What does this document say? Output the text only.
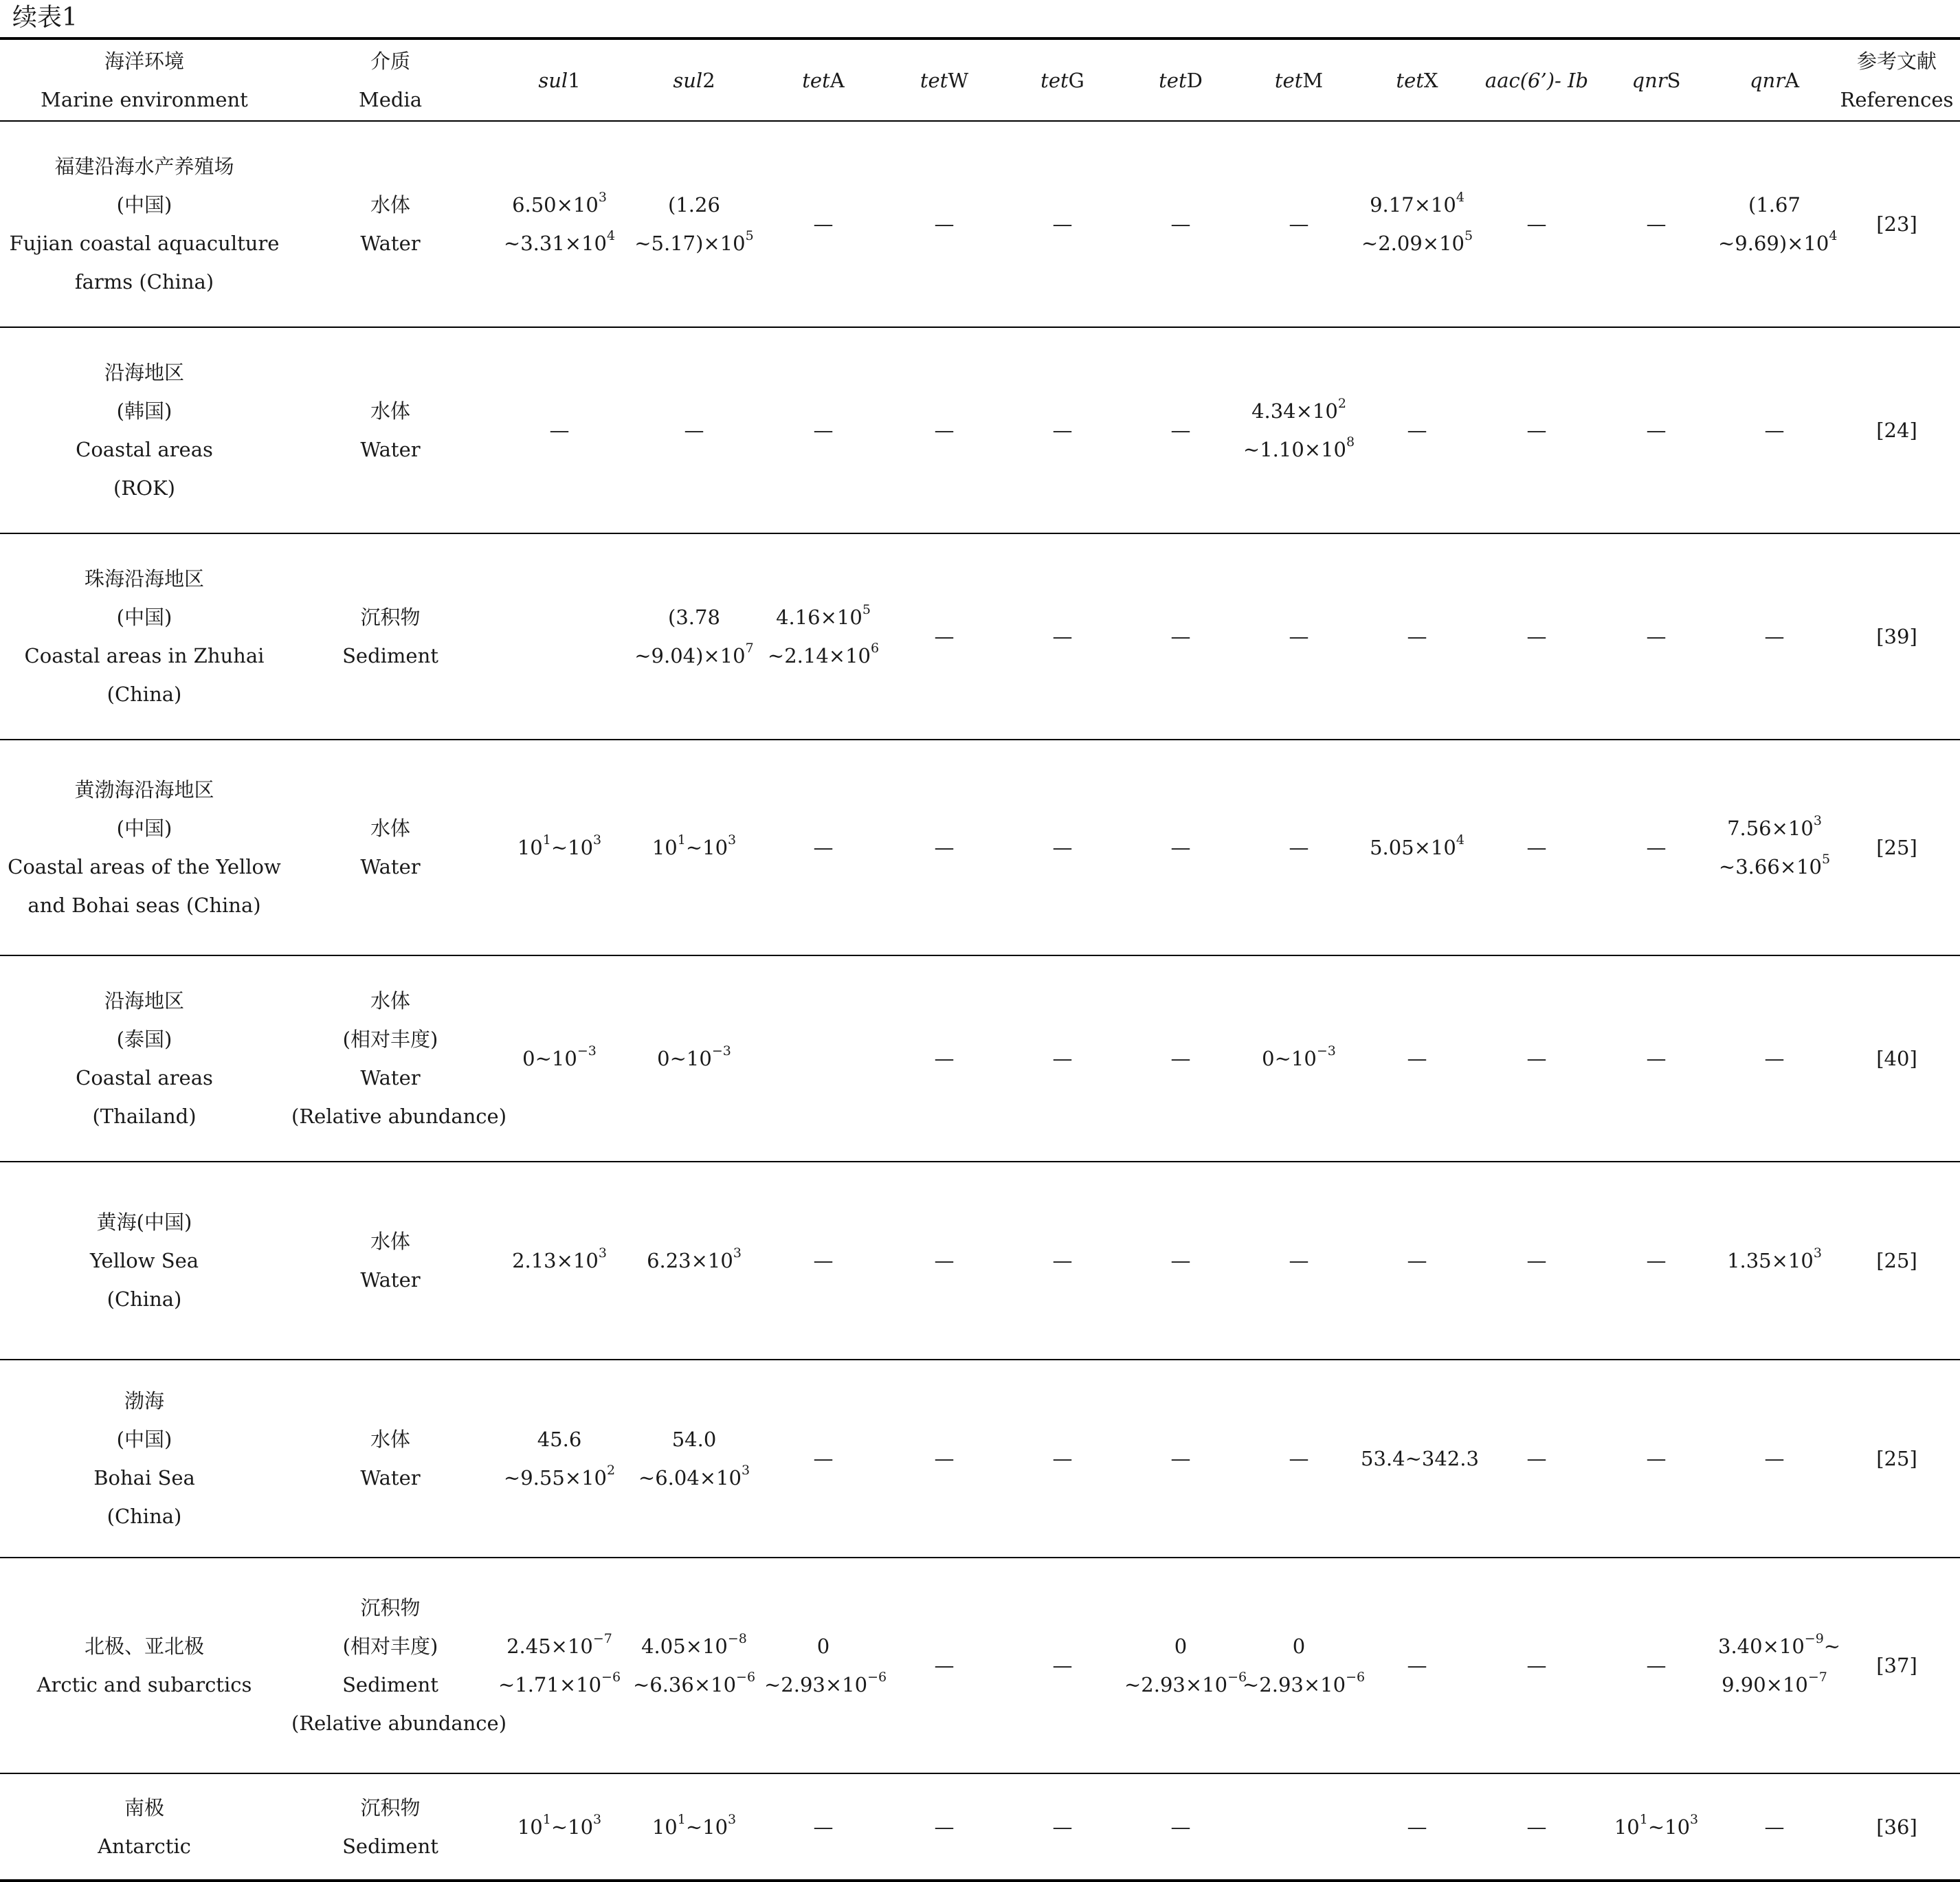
续表1
海洋环境
Marine environment	介质
Media	sul1	sul2	tetA	tetW	tetG	tetD	tetM	tetX	aac(6’)- Ib	qnrS	qnrA	参考文献
References

福建沿海水产养殖场
(中国)
Fujian coastal aquaculture
farms (China)	水体
Water	$6.50\times 10^3$
$\sim 3.31\times 10^4$	(1.26
$\sim 5.17)\times 10^5$	—	—	—	—	—	$9.17\times 10^4$
$\sim 2.09\times 10^5$	—	—	(1.67
$\sim 9.69)\times 10^4$	[23]

沿海地区
(韩国)
Coastal areas
(ROK)	水体
Water	—	—	—	—	—	—	$4.34\times 10^2$
$\sim 1.10\times 10^8$	—	—	—	—	[24]

珠海沿海地区
(中国)
Coastal areas in Zhuhai
(China)	沉积物
Sediment		(3.78
$\sim 9.04)\times 10^7$	$4.16\times 10^5$
$\sim 2.14\times 10^6$	—	—	—	—	—	—	—	—	[39]

黄渤海沿海地区
(中国)
Coastal areas of the Yellow
and Bohai seas (China)	水体
Water	$10^1\sim 10^3$	$10^1\sim 10^3$	—	—	—	—	—	$5.05\times 10^4$	—	—	$7.56\times 10^3$
$\sim 3.66\times 10^5$	[25]

沿海地区
(泰国)
Coastal areas
(Thailand)	水体
(相对丰度)
Water
(Relative abundance)	$0\sim 10^{-3}$	$0\sim 10^{-3}$		—	—	—	$0\sim 10^{-3}$	—	—	—	—	[40]

黄海(中国)
Yellow Sea
(China)	水体
Water	$2.13\times 10^3$	$6.23\times 10^3$	—	—	—	—	—	—	—	—	$1.35\times 10^3$	[25]

渤海
(中国)
Bohai Sea
(China)	水体
Water	45.6
$\sim 9.55\times 10^2$	54.0
$\sim 6.04\times 10^3$	—	—	—	—	—	53.4~342.3	—	—	—	[25]

北极、亚北极
Arctic and subarctics	沉积物
(相对丰度)
Sediment
(Relative abundance)	$2.45\times 10^{-7}$
$\sim 1.71\times 10^{-6}$	$4.05\times 10^{-8}$
$\sim 6.36\times 10^{-6}$	0
$\sim 2.93\times 10^{-6}$	—	—	0
$\sim 2.93\times 10^{-6}$	0
$\sim 2.93\times 10^{-6}$	—	—	—	$3.40\times 10^{-9}\sim$
$9.90\times 10^{-7}$	[37]

南极
Antarctic	沉积物
Sediment	$10^1\sim 10^3$	$10^1\sim 10^3$	—	—	—	—		—	—	$10^1\sim 10^3$	—	[36]
